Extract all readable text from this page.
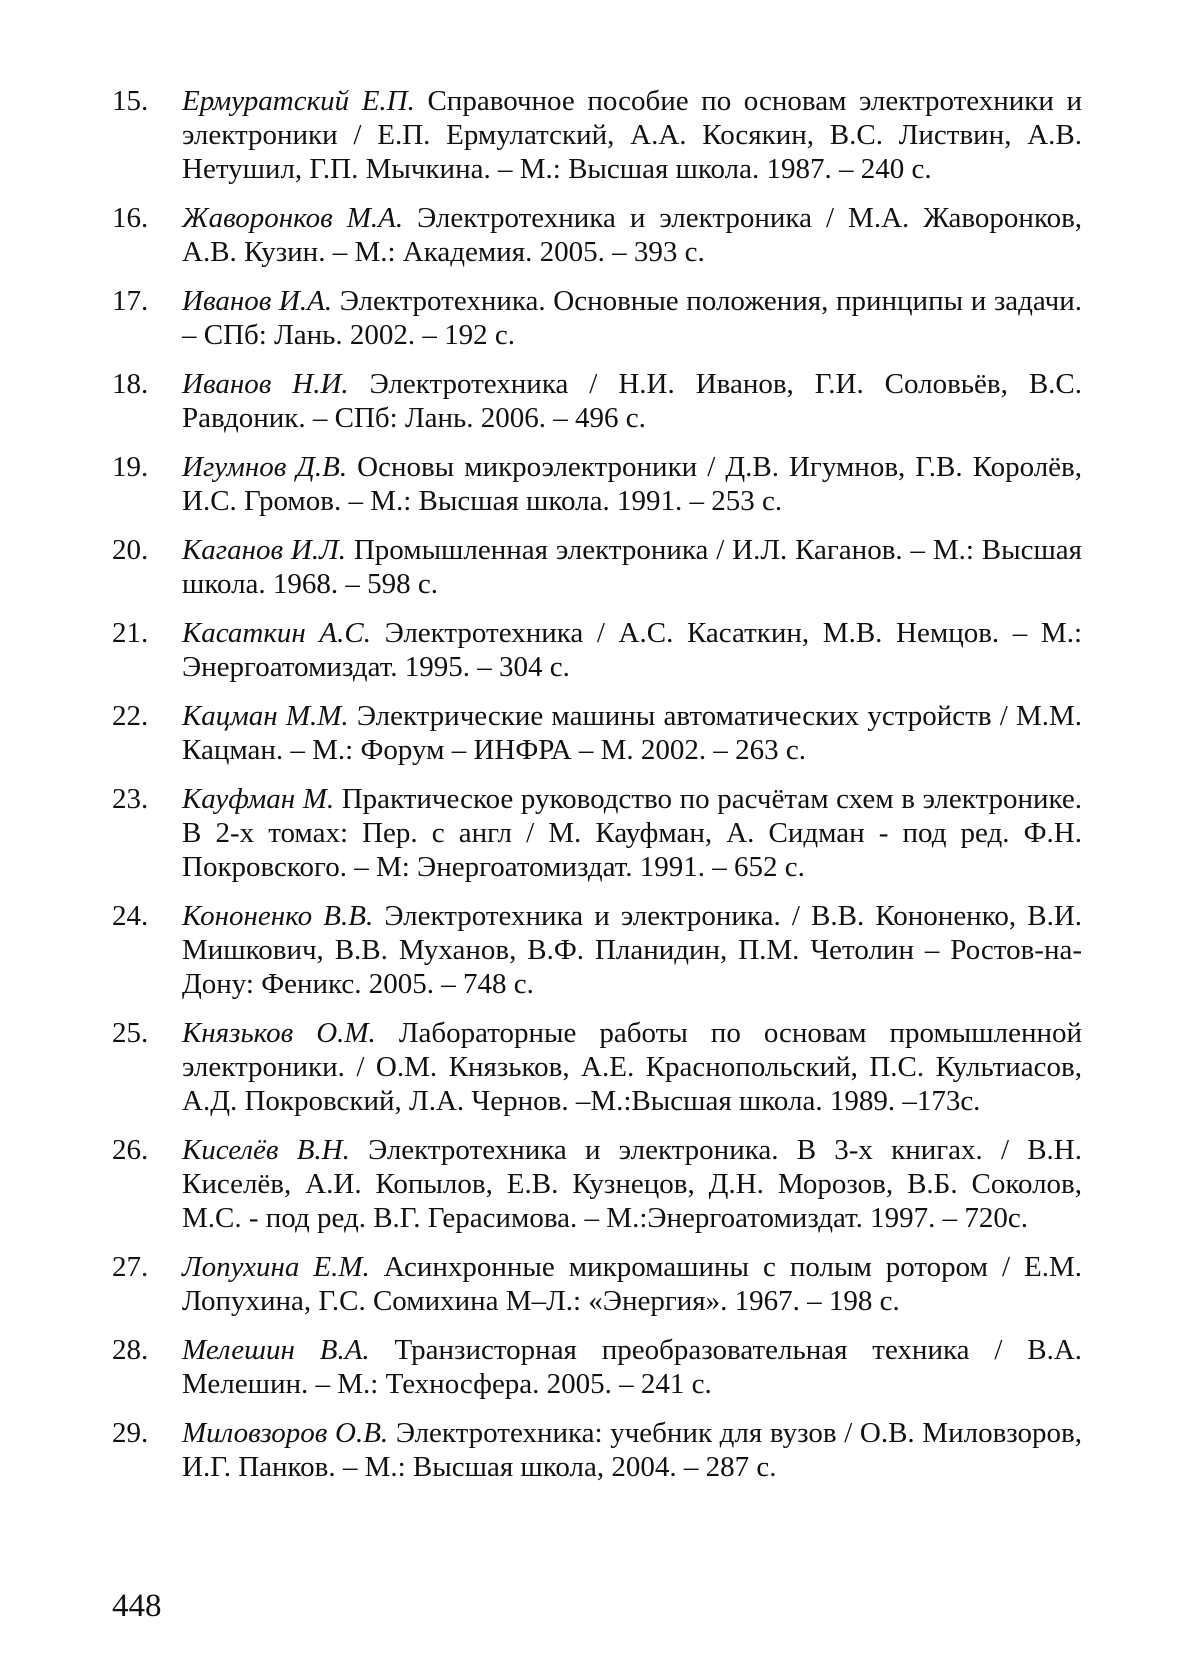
15.	Ермуратский Е.П. Справочное пособие по основам электротехники и электроники / Е.П. Ермулатский, А.А. Косякин, В.С. Листвин, А.В. Нетушил, Г.П. Мычкина. – М.: Высшая школа. 1987. – 240 с.
16.	Жаворонков М.А. Электротехника и электроника / М.А. Жаворонков, А.В. Кузин. – М.: Академия. 2005. – 393 с.
17.	Иванов И.А. Электротехника. Основные положения, принципы и задачи. – СПб: Лань. 2002. – 192 с.
18.	Иванов Н.И. Электротехника / Н.И. Иванов, Г.И. Соловьёв, В.С. Равдоник. – СПб: Лань. 2006. – 496 с.
19.	Игумнов Д.В. Основы микроэлектроники / Д.В. Игумнов, Г.В. Королёв, И.С. Громов. – М.: Высшая школа. 1991. – 253 с.
20.	Каганов И.Л. Промышленная электроника / И.Л. Каганов. – М.: Высшая школа. 1968. – 598 с.
21.	Касаткин А.С. Электротехника / А.С. Касаткин, М.В. Немцов. – М.: Энергоатомиздат. 1995. – 304 с.
22.	Кацман М.М. Электрические машины автоматических устройств / М.М. Кацман. – М.: Форум – ИНФРА – М. 2002. – 263 с.
23.	Кауфман М. Практическое руководство по расчётам схем в электронике. В 2-х томах: Пер. с англ / М. Кауфман, А. Сидман - под ред. Ф.Н. Покровского. – М: Энергоатомиздат. 1991. – 652 с.
24.	Кононенко В.В. Электротехника и электроника. / В.В. Кононенко, В.И. Мишкович, В.В. Муханов, В.Ф. Планидин, П.М. Четолин – Ростов-на-Дону: Феникс. 2005. – 748 с.
25.	Князьков О.М. Лабораторные работы по основам промышленной электроники. / О.М. Князьков, А.Е. Краснопольский, П.С. Культиасов, А.Д. Покровский, Л.А. Чернов. –М.:Высшая школа. 1989. –173с.
26.	Киселёв В.Н. Электротехника и электроника. В 3-х книгах. / В.Н. Киселёв, А.И. Копылов, Е.В. Кузнецов, Д.Н. Морозов, В.Б. Соколов, М.С. - под ред. В.Г. Герасимова. – М.:Энергоатомиздат. 1997. – 720с.
27.	Лопухина Е.М. Асинхронные микромашины с полым ротором / Е.М. Лопухина, Г.С. Сомихина М–Л.: «Энергия». 1967. – 198 с.
28.	Мелешин В.А. Транзисторная преобразовательная техника / В.А. Мелешин. – М.: Техносфера. 2005. – 241 с.
29.	Миловзоров О.В. Электротехника: учебник для вузов / О.В. Миловзоров, И.Г. Панков. – М.: Высшая школа, 2004. – 287 с.
448
